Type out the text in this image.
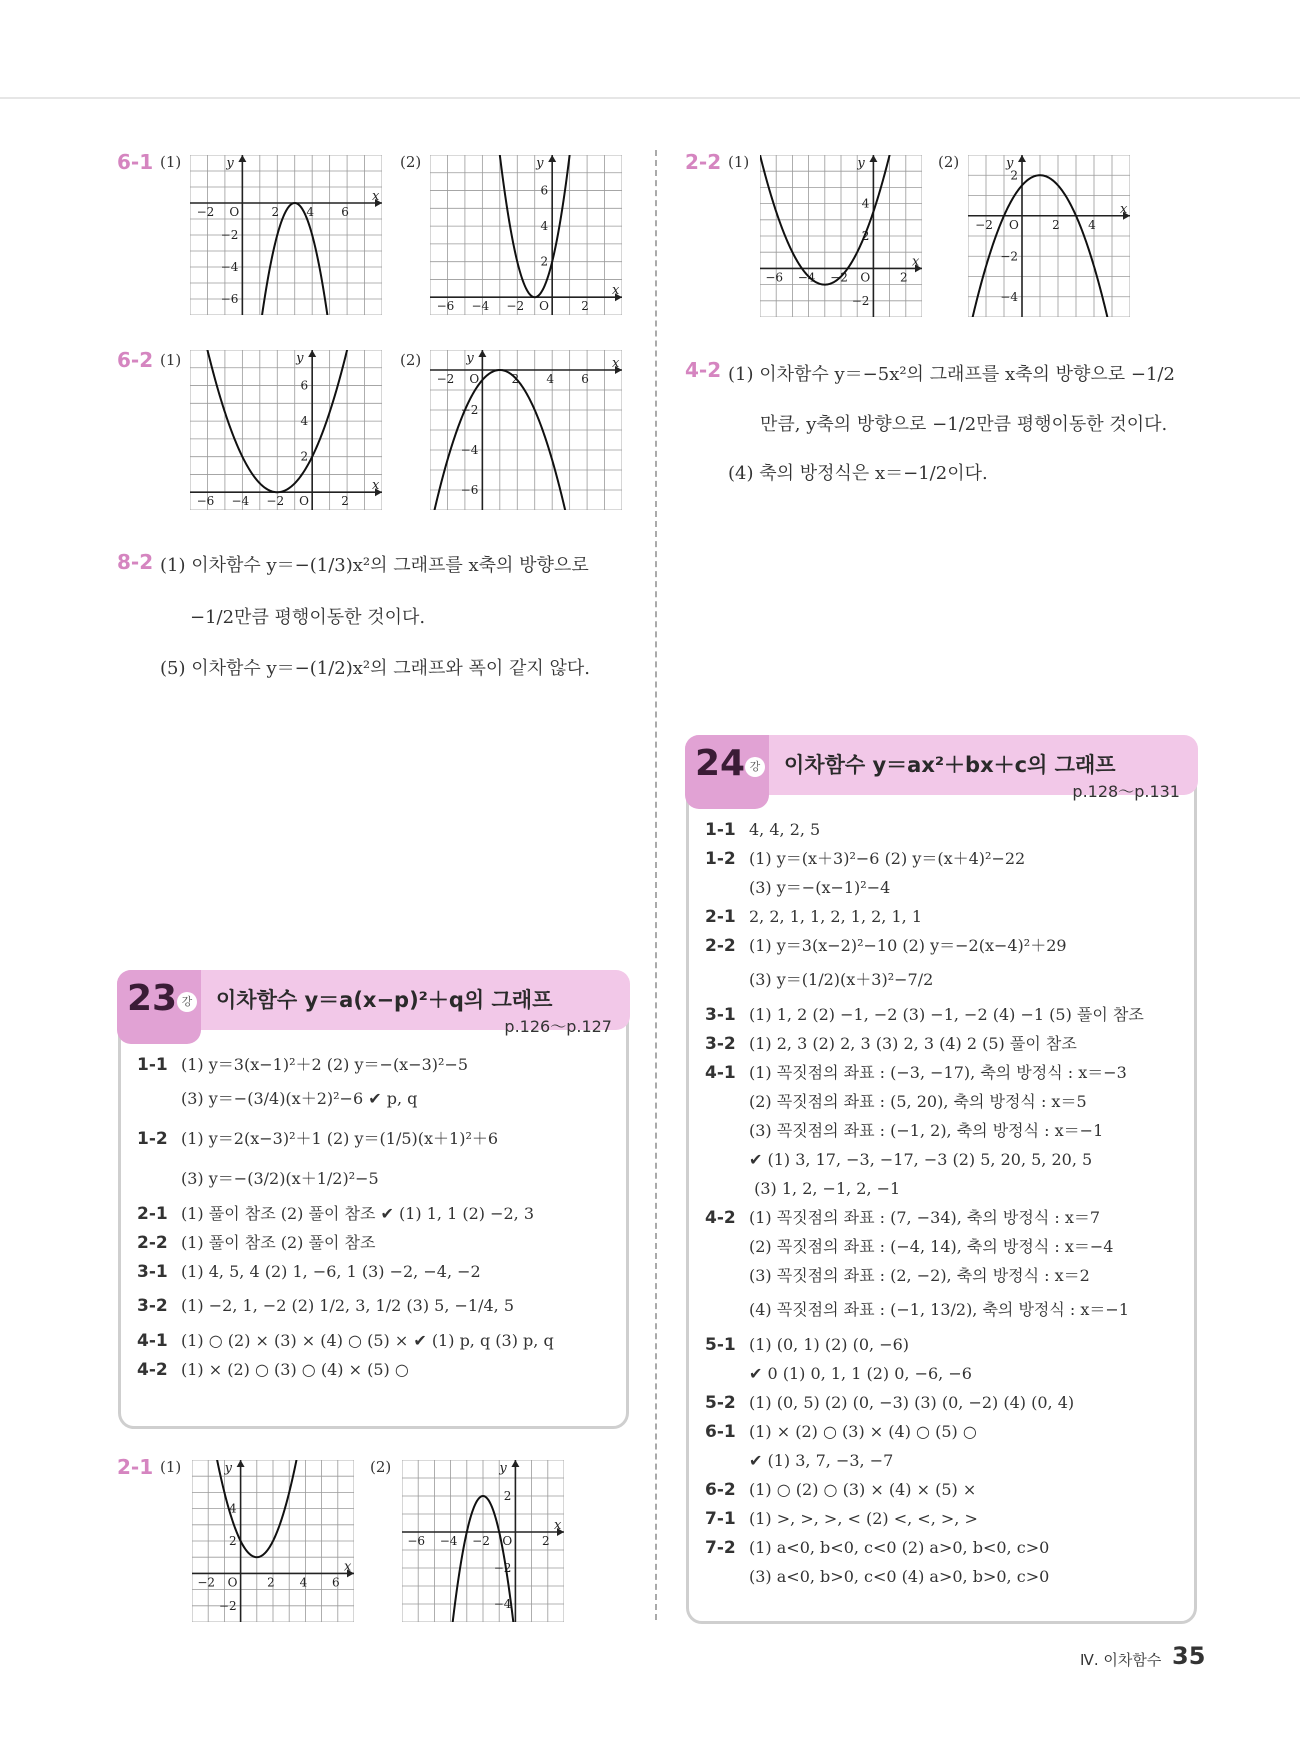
6-1 (1)
x
y
−2 O	2 4 6
−2
−4
−6
(2)
x
y
−6 −4 −2 O	2
6
4
2
6-2 (1)
x
y
−6 −4 −2 O	2
6
4
2
(2)	x
y
−2 O	2 4 6
−2
−4
−6
8-2 (1) 이차함수 y＝−(1/3)x²의 그래프를 x축의 방향으로
−1/2만큼 평행이동한 것이다.
(5) 이차함수 y＝−(1/2)x²의 그래프와 폭이 같지 않다.
2-2 (1)
x
y
−6 −4 −2 O 2
4
2
−2
(2)
x
y
−2 O	2 4
2
−2
−4
4-2 (1) 이차함수 y＝−5x²의 그래프를 x축의 방향으로 −1/2
만큼, y축의 방향으로 −1/2만큼 평행이동한 것이다.
(4) 축의 방정식은 x＝−1/2이다.
23 강 이차함수 y＝a(x−p)²＋q의 그래프
p.126～p.127
1-1 (1) y＝3(x−1)²＋2 (2) y＝−(x−3)²−5
(3) y＝−(3/4)(x＋2)²−6 ✔ p, q
1-2 (1) y＝2(x−3)²＋1 (2) y＝(1/5)(x＋1)²＋6
(3) y＝−(3/2)(x＋1/2)²−5
2-1 (1) 풀이 참조 (2) 풀이 참조 ✔ (1) 1, 1 (2) −2, 3
2-2 (1) 풀이 참조 (2) 풀이 참조
3-1 (1) 4, 5, 4 (2) 1, −6, 1 (3) −2, −4, −2
3-2 (1) −2, 1, −2 (2) 1/2, 3, 1/2 (3) 5, −1/4, 5
4-1 (1) ○ (2) × (3) × (4) ○ (5) × ✔ (1) p, q (3) p, q
4-2 (1) × (2) ○ (3) ○ (4) × (5) ○
24 강 이차함수 y＝ax²＋bx＋c의 그래프
p.128～p.131
1-1 4, 4, 2, 5
1-2 (1) y＝(x＋3)²−6 (2) y＝(x＋4)²−22
(3) y＝−(x−1)²−4
2-1 2, 2, 1, 1, 2, 1, 2, 1, 1
2-2 (1) y＝3(x−2)²−10 (2) y＝−2(x−4)²＋29
(3) y＝(1/2)(x＋3)²−7/2
3-1 (1) 1, 2 (2) −1, −2 (3) −1, −2 (4) −1 (5) 풀이 참조
3-2 (1) 2, 3 (2) 2, 3 (3) 2, 3 (4) 2 (5) 풀이 참조
4-1 (1) 꼭짓점의 좌표 : (−3, −17), 축의 방정식 : x＝−3
(2) 꼭짓점의 좌표 : (5, 20), 축의 방정식 : x＝5
(3) 꼭짓점의 좌표 : (−1, 2), 축의 방정식 : x＝−1
✔ (1) 3, 17, −3, −17, −3 (2) 5, 20, 5, 20, 5
(3) 1, 2, −1, 2, −1
4-2 (1) 꼭짓점의 좌표 : (7, −34), 축의 방정식 : x＝7
(2) 꼭짓점의 좌표 : (−4, 14), 축의 방정식 : x＝−4
(3) 꼭짓점의 좌표 : (2, −2), 축의 방정식 : x＝2
(4) 꼭짓점의 좌표 : (−1, 13/2), 축의 방정식 : x＝−1
5-1 (1) (0, 1) (2) (0, −6)
✔ 0 (1) 0, 1, 1 (2) 0, −6, −6
5-2 (1) (0, 5) (2) (0, −3) (3) (0, −2) (4) (0, 4)
6-1 (1) × (2) ○ (3) × (4) ○ (5) ○
✔ (1) 3, 7, −3, −7
6-2 (1) ○ (2) ○ (3) × (4) × (5) ×
7-1 (1) >, >, >, < (2) <, <, >, >
7-2 (1) a<0, b<0, c<0 (2) a>0, b<0, c>0
(3) a<0, b>0, c<0 (4) a>0, b>0, c>0
2-1 (1)
x
y
−2 O 2 4 6
4
2
−2
(2)
x
y
−6 −4 −2 O 2
2
−2
−4
Ⅳ. 이차함수 35
